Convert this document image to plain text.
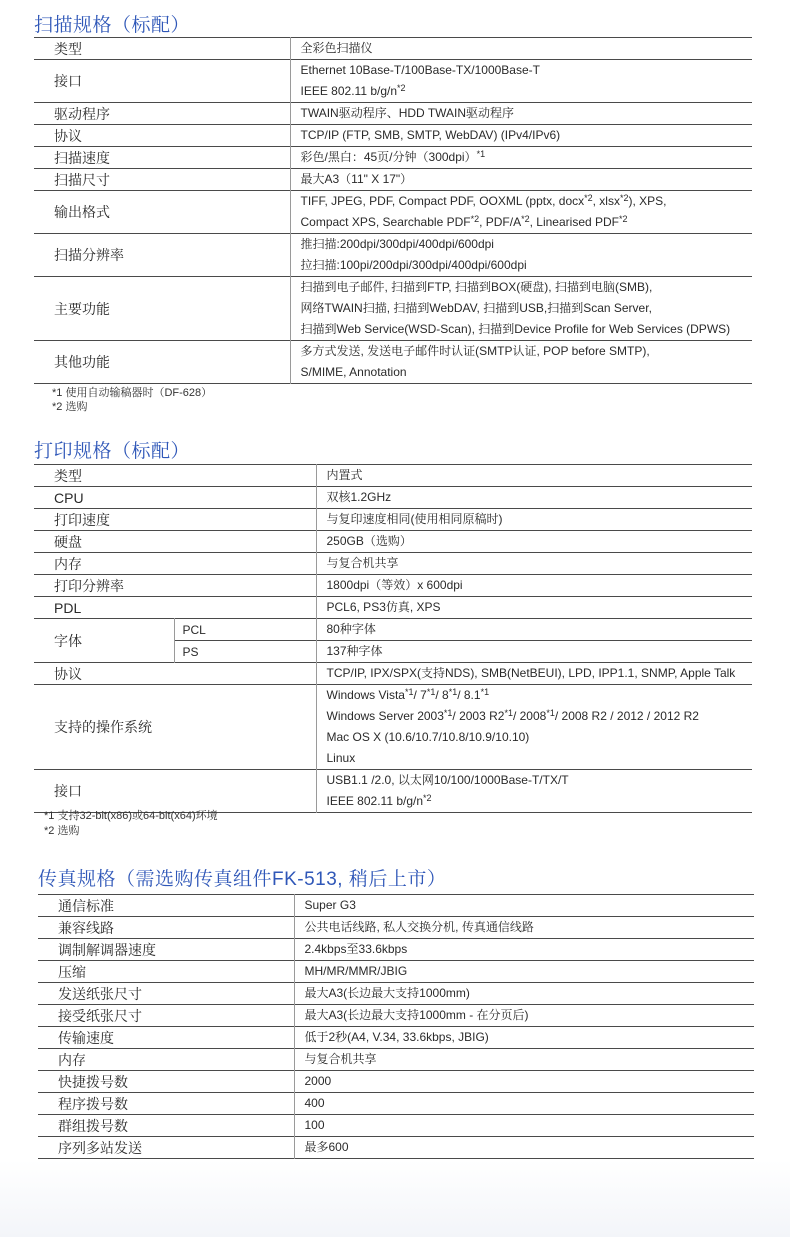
扫描规格（标配）
类型	全彩色扫描仪

接口	Ethernet 10Base-T/100Base-TX/1000Base-T
IEEE 802.11 $b/g/n^{*2}$

驱动程序	TWAIN驱动程序、HDD TWAIN驱动程序

协议	TCP/IP (FTP, SMB, SMTP, WebDAV) (IPv4/IPv6)

扫描速度	彩色/黑白：45页/分钟$(300dpi)^{*1}$

扫描尺寸	最大A3（11" X 17"）

输出格式	TIFF, JPEG, PDF, Compact PDF, OOXML (pptx, docx$^{*2}$, xlsx$^{*2}$), XPS,
Compact XPS, Searchable PDF$^{*2}$, PDF/$A^{*2}$, Linearised PDF$^{*2}$

扫描分辨率	推扫描:200dpi/300dpi/400dpi/600dpi
拉扫描:100pi/200dpi/300dpi/400dpi/600dpi

主要功能	扫描到电子邮件, 扫描到FTP, 扫描到BOX(硬盘), 扫描到电脑(SMB),
网络TWAIN扫描, 扫描到WebDAV, 扫描到USB,扫描到Scan Server,
扫描到Web Service(WSD-Scan), 扫描到Device Profile for Web Services (DPWS)

其他功能	多方式发送, 发送电子邮件时认证(SMTP认证, POP before SMTP),
S/MIME, Annotation
*1 使用自动输稿器时（DF-628）
*2 选购
打印规格（标配）
类型		内置式

CPU		双核1.2GHz

打印速度		与复印速度相同(使用相同原稿时)

硬盘		250GB（选购）

内存		与复合机共享

打印分辨率		1800dpi（等效）x 600dpi

PDL		PCL6, PS3仿真, XPS

字体	PCL	80种字体

	PS	137种字体

协议		TCP/IP, IPX/SPX(支持NDS), SMB(NetBEUI), LPD, IPP1.1, SNMP, Apple Talk

支持的操作系统		Windows Vista$^{*1}$/ 7$^{*1}$/ 8$^{*1}$/ 8.1$^{*1}$
Windows Server 2003$^{*1}$/ 2003 R2$^{*1}$/ 2008$^{*1}$/ 2008 R2 / 2012 / 2012 R2
Mac OS X (10.6/10.7/10.8/10.9/10.10)
Linux

接口		USB1.1 /2.0, 以太网10/100/1000Base-T/TX/T
IEEE 802.11 $b/g/n^{*2}$
*1 支持32-bit(x86)或64-bit(x64)环境
*2 选购
传真规格（需选购传真组件FK-513, 稍后上市）
通信标准	Super G3

兼容线路	公共电话线路, 私人交换分机, 传真通信线路

调制解调器速度	2.4kbps至33.6kbps

压缩	MH/MR/MMR/JBIG

发送纸张尺寸	最大A3(长边最大支持1000mm)

接受纸张尺寸	最大A3(长边最大支持1000mm - 在分页后)

传输速度	低于2秒(A4, V.34, 33.6kbps, JBIG)

内存	与复合机共享

快捷拨号数	2000

程序拨号数	400

群组拨号数	100

序列多站发送	最多600
